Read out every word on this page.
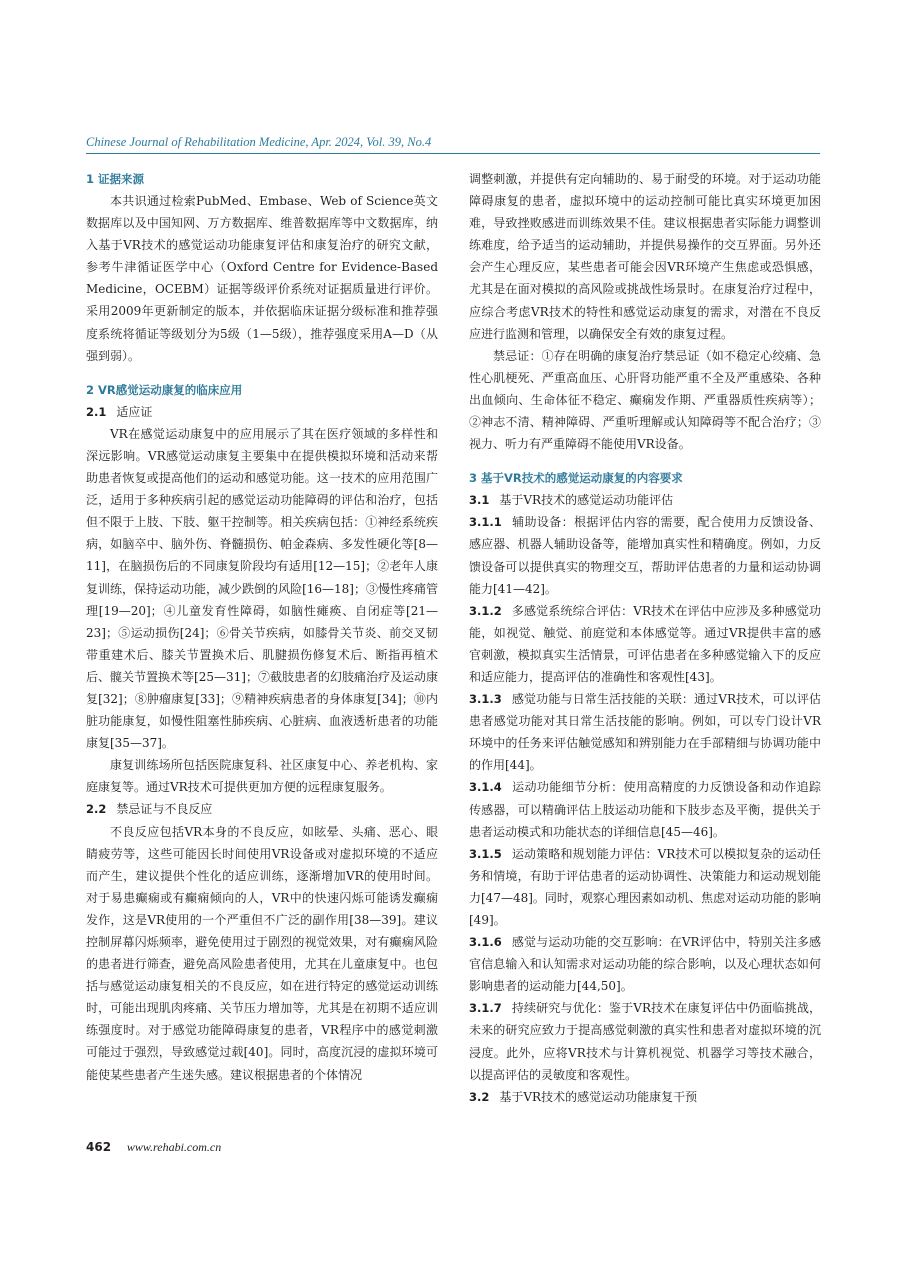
Chinese Journal of Rehabilitation Medicine, Apr. 2024, Vol. 39, No.4
1 证据来源

本共识通过检索PubMed、Embase、Web of Science英文数据库以及中国知网、万方数据库、维普数据库等中文数据库，纳入基于VR技术的感觉运动功能康复评估和康复治疗的研究文献，参考牛津循证医学中心（Oxford Centre for Evidence-Based Medicine，OCEBM）证据等级评价系统对证据质量进行评价。采用2009年更新制定的版本，并依据临床证据分级标准和推荐强度系统将循证等级划分为5级（1—5级），推荐强度采用A—D（从强到弱）。

2 VR感觉运动康复的临床应用
2.1 适应证

VR在感觉运动康复中的应用展示了其在医疗领域的多样性和深远影响。VR感觉运动康复主要集中在提供模拟环境和活动来帮助患者恢复或提高他们的运动和感觉功能。这一技术的应用范围广泛，适用于多种疾病引起的感觉运动功能障碍的评估和治疗，包括但不限于上肢、下肢、躯干控制等。相关疾病包括：①神经系统疾病，如脑卒中、脑外伤、脊髓损伤、帕金森病、多发性硬化等[8—11]，在脑损伤后的不同康复阶段均有适用[12—15]；②老年人康复训练，保持运动功能，减少跌倒的风险[16—18]；③慢性疼痛管理[19—20]；④儿童发育性障碍，如脑性瘫痪、自闭症等[21—23]；⑤运动损伤[24]；⑥骨关节疾病，如膝骨关节炎、前交叉韧带重建术后、膝关节置换术后、肌腱损伤修复术后、断指再植术后、髋关节置换术等[25—31]；⑦截肢患者的幻肢痛治疗及运动康复[32]；⑧肿瘤康复[33]；⑨精神疾病患者的身体康复[34]；⑩内脏功能康复，如慢性阻塞性肺疾病、心脏病、血液透析患者的功能康复[35—37]。

康复训练场所包括医院康复科、社区康复中心、养老机构、家庭康复等。通过VR技术可提供更加方便的远程康复服务。

2.2 禁忌证与不良反应

不良反应包括VR本身的不良反应，如眩晕、头痛、恶心、眼睛疲劳等，这些可能因长时间使用VR设备或对虚拟环境的不适应而产生，建议提供个性化的适应训练，逐渐增加VR的使用时间。对于易患癫痫或有癫痫倾向的人，VR中的快速闪烁可能诱发癫痫发作，这是VR使用的一个严重但不广泛的副作用[38—39]。建议控制屏幕闪烁频率，避免使用过于剧烈的视觉效果，对有癫痫风险的患者进行筛查，避免高风险患者使用，尤其在儿童康复中。也包括与感觉运动康复相关的不良反应，如在进行特定的感觉运动训练时，可能出现肌肉疼痛、关节压力增加等，尤其是在初期不适应训练强度时。对于感觉功能障碍康复的患者，VR程序中的感觉刺激可能过于强烈，导致感觉过载[40]。同时，高度沉浸的虚拟环境可能使某些患者产生迷失感。建议根据患者的个体情况

调整刺激，并提供有定向辅助的、易于耐受的环境。对于运动功能障碍康复的患者，虚拟环境中的运动控制可能比真实环境更加困难，导致挫败感进而训练效果不佳。建议根据患者实际能力调整训练难度，给予适当的运动辅助，并提供易操作的交互界面。另外还会产生心理反应，某些患者可能会因VR环境产生焦虑或恐惧感，尤其是在面对模拟的高风险或挑战性场景时。在康复治疗过程中，应综合考虑VR技术的特性和感觉运动康复的需求，对潜在不良反应进行监测和管理，以确保安全有效的康复过程。

禁忌证：①存在明确的康复治疗禁忌证（如不稳定心绞痛、急性心肌梗死、严重高血压、心肝肾功能严重不全及严重感染、各种出血倾向、生命体征不稳定、癫痫发作期、严重器质性疾病等）；②神志不清、精神障碍、严重听理解或认知障碍等不配合治疗；③视力、听力有严重障碍不能使用VR设备。

3 基于VR技术的感觉运动康复的内容要求
3.1 基于VR技术的感觉运动功能评估

3.1.1 辅助设备：根据评估内容的需要，配合使用力反馈设备、感应器、机器人辅助设备等，能增加真实性和精确度。例如，力反馈设备可以提供真实的物理交互，帮助评估患者的力量和运动协调能力[41—42]。

3.1.2 多感觉系统综合评估：VR技术在评估中应涉及多种感觉功能，如视觉、触觉、前庭觉和本体感觉等。通过VR提供丰富的感官刺激，模拟真实生活情景，可评估患者在多种感觉输入下的反应和适应能力，提高评估的准确性和客观性[43]。

3.1.3 感觉功能与日常生活技能的关联：通过VR技术，可以评估患者感觉功能对其日常生活技能的影响。例如，可以专门设计VR环境中的任务来评估触觉感知和辨别能力在手部精细与协调功能中的作用[44]。

3.1.4 运动功能细节分析：使用高精度的力反馈设备和动作追踪传感器，可以精确评估上肢运动功能和下肢步态及平衡，提供关于患者运动模式和功能状态的详细信息[45—46]。

3.1.5 运动策略和规划能力评估：VR技术可以模拟复杂的运动任务和情境，有助于评估患者的运动协调性、决策能力和运动规划能力[47—48]。同时，观察心理因素如动机、焦虑对运动功能的影响[49]。

3.1.6 感觉与运动功能的交互影响：在VR评估中，特别关注多感官信息输入和认知需求对运动功能的综合影响，以及心理状态如何影响患者的运动能力[44,50]。

3.1.7 持续研究与优化：鉴于VR技术在康复评估中仍面临挑战，未来的研究应致力于提高感觉刺激的真实性和患者对虚拟环境的沉浸度。此外，应将VR技术与计算机视觉、机器学习等技术融合，以提高评估的灵敏度和客观性。

3.2 基于VR技术的感觉运动功能康复干预
462 www.rehabi.com.cn
